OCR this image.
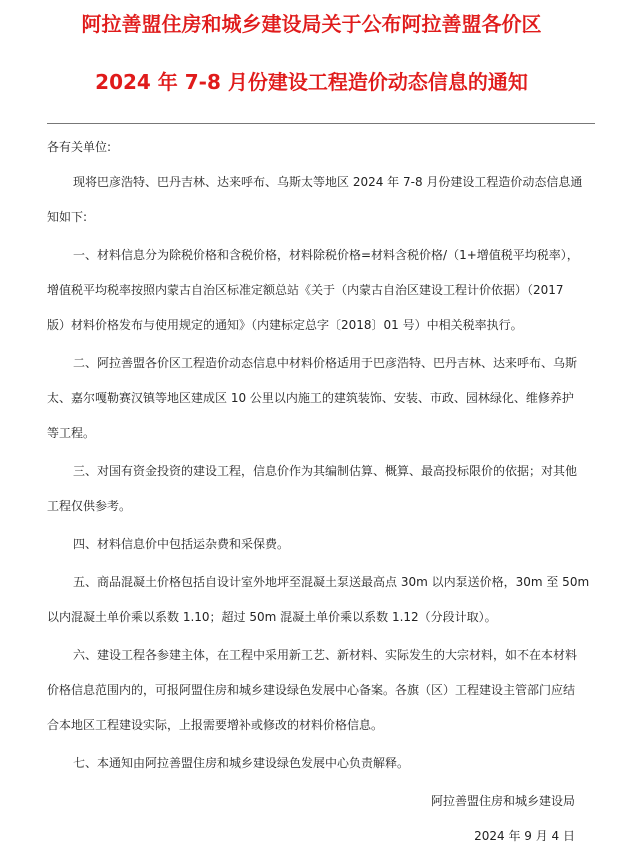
阿拉善盟住房和城乡建设局关于公布阿拉善盟各价区
2024 年 7-8 月份建设工程造价动态信息的通知
各有关单位:
现将巴彦浩特、巴丹吉林、达来呼布、乌斯太等地区 2024 年 7-8 月份建设工程造价动态信息通
知如下:
一、材料信息分为除税价格和含税价格，材料除税价格=材料含税价格/（1+增值税平均税率），
增值税平均税率按照内蒙古自治区标准定额总站《关于（内蒙古自治区建设工程计价依据）（2017
版）材料价格发布与使用规定的通知》（内建标定总字〔2018〕01 号）中相关税率执行。
二、阿拉善盟各价区工程造价动态信息中材料价格适用于巴彦浩特、巴丹吉林、达来呼布、乌斯
太、嘉尔嘎勒赛汉镇等地区建成区 10 公里以内施工的建筑装饰、安装、市政、园林绿化、维修养护
等工程。
三、对国有资金投资的建设工程，信息价作为其编制估算、概算、最高投标限价的依据；对其他
工程仅供参考。
四、材料信息价中包括运杂费和采保费。
五、商品混凝土价格包括自设计室外地坪至混凝土泵送最高点 30m 以内泵送价格，30m 至 50m
以内混凝土单价乘以系数 1.10；超过 50m 混凝土单价乘以系数 1.12（分段计取）。
六、建设工程各参建主体，在工程中采用新工艺、新材料、实际发生的大宗材料，如不在本材料
价格信息范围内的，可报阿盟住房和城乡建设绿色发展中心备案。各旗（区）工程建设主管部门应结
合本地区工程建设实际，上报需要增补或修改的材料价格信息。
七、本通知由阿拉善盟住房和城乡建设绿色发展中心负责解释。
阿拉善盟住房和城乡建设局
2024 年 9 月 4 日
